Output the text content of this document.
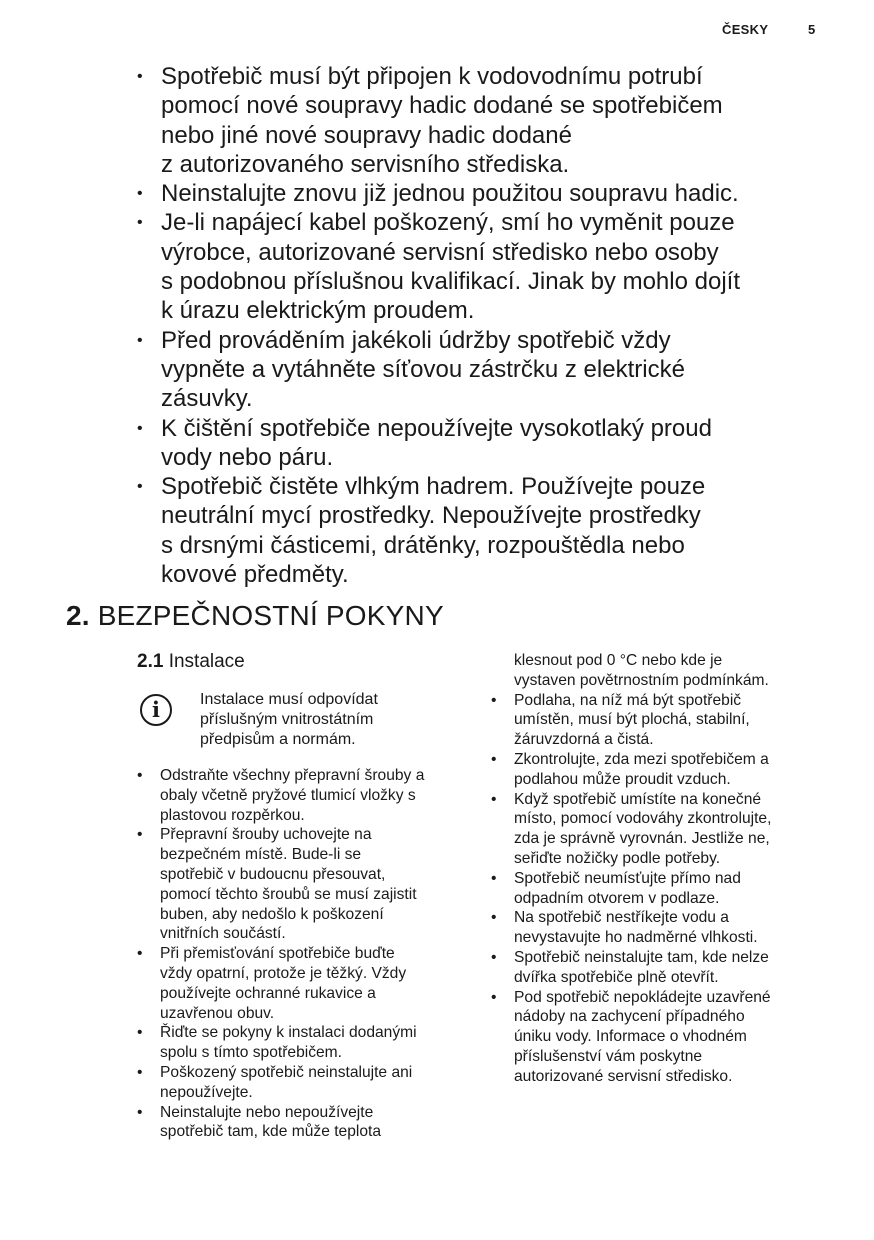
ČESKY	5
• Spotřebič musí být připojen k vodovodnímu potrubí
pomocí nové soupravy hadic dodané se spotřebičem
nebo jiné nové soupravy hadic dodané
z autorizovaného servisního střediska.
• Neinstalujte znovu již jednou použitou soupravu hadic.
• Je-li napájecí kabel poškozený, smí ho vyměnit pouze
výrobce, autorizované servisní středisko nebo osoby
s podobnou příslušnou kvalifikací. Jinak by mohlo dojít
k úrazu elektrickým proudem.
• Před prováděním jakékoli údržby spotřebič vždy
vypněte a vytáhněte síťovou zástrčku z elektrické
zásuvky.
• K čištění spotřebiče nepoužívejte vysokotlaký proud
vody nebo páru.
• Spotřebič čistěte vlhkým hadrem. Používejte pouze
neutrální mycí prostředky. Nepoužívejte prostředky
s drsnými částicemi, drátěnky, rozpouštědla nebo
kovové předměty.
2. BEZPEČNOSTNÍ POKYNY
2.1 Instalace
i	Instalace musí odpovídat
příslušným vnitrostátním
předpisům a normám.
• Odstraňte všechny přepravní šrouby a
obaly včetně pryžové tlumicí vložky s
plastovou rozpěrkou.
• Přepravní šrouby uchovejte na
bezpečném místě. Bude-li se
spotřebič v budoucnu přesouvat,
pomocí těchto šroubů se musí zajistit
buben, aby nedošlo k poškození
vnitřních součástí.
• Při přemisťování spotřebiče buďte
vždy opatrní, protože je těžký. Vždy
používejte ochranné rukavice a
uzavřenou obuv.
• Řiďte se pokyny k instalaci dodanými
spolu s tímto spotřebičem.
• Poškozený spotřebič neinstalujte ani
nepoužívejte.
• Neinstalujte nebo nepoužívejte
spotřebič tam, kde může teplota
klesnout pod 0 °C nebo kde je
vystaven povětrnostním podmínkám.
• Podlaha, na níž má být spotřebič
umístěn, musí být plochá, stabilní,
žáruvzdorná a čistá.
• Zkontrolujte, zda mezi spotřebičem a
podlahou může proudit vzduch.
• Když spotřebič umístíte na konečné
místo, pomocí vodováhy zkontrolujte,
zda je správně vyrovnán. Jestliže ne,
seřiďte nožičky podle potřeby.
• Spotřebič neumísťujte přímo nad
odpadním otvorem v podlaze.
• Na spotřebič nestříkejte vodu a
nevystavujte ho nadměrné vlhkosti.
• Spotřebič neinstalujte tam, kde nelze
dvířka spotřebiče plně otevřít.
• Pod spotřebič nepokládejte uzavřené
nádoby na zachycení případného
úniku vody. Informace o vhodném
příslušenství vám poskytne
autorizované servisní středisko.
